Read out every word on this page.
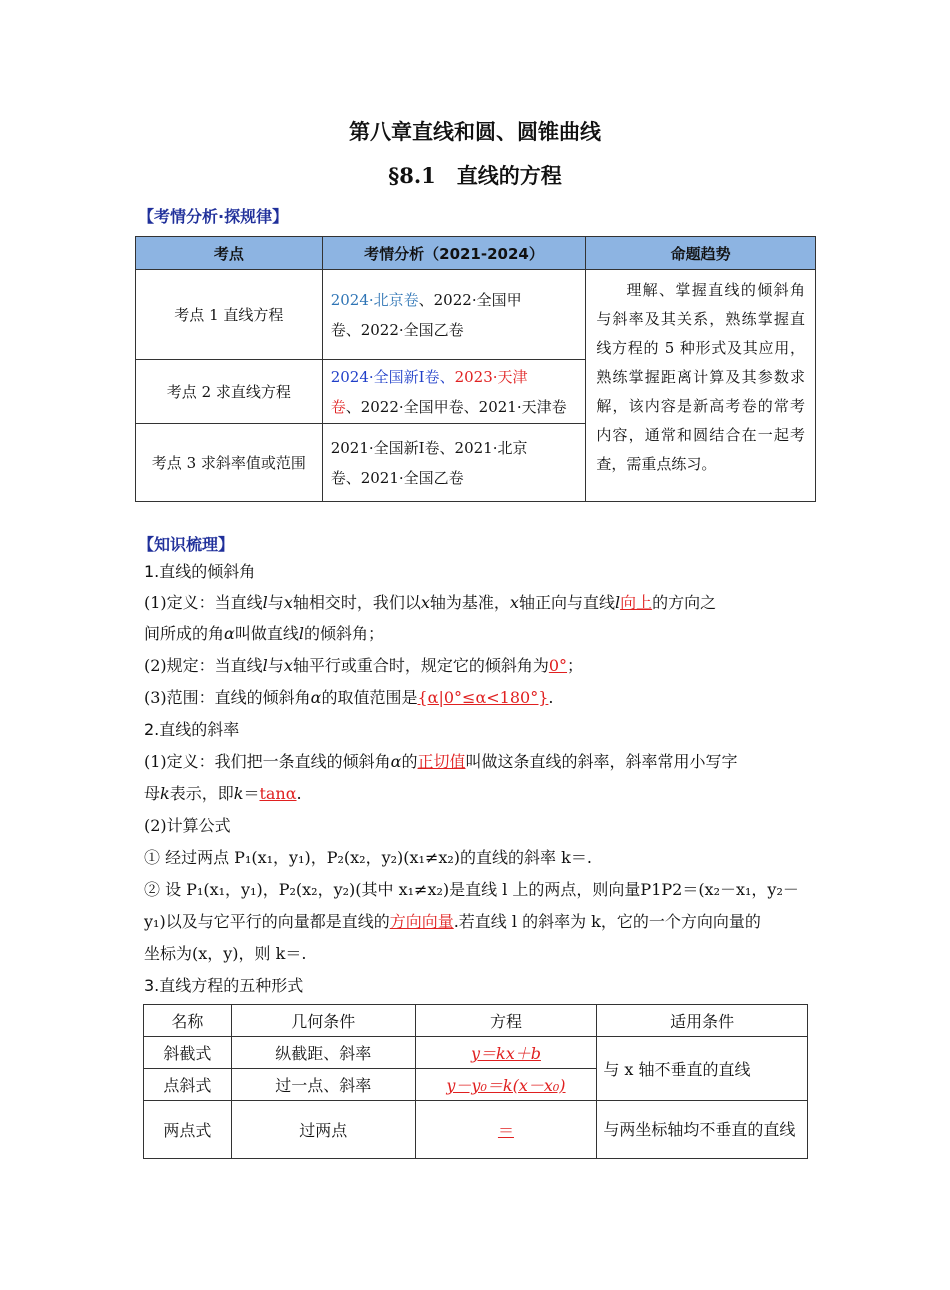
第八章直线和圆、圆锥曲线
§8.1　直线的方程
【考情分析·探规律】
考点	考情分析（2021-2024）	命题趋势
考点 1 直线方程	2024·北京卷、2022·全国甲
卷、2022·全国乙卷	理解、掌握直线的倾斜角与斜率及其关系，熟练掌握直线方程的 5 种形式及其应用，熟练掌握距离计算及其参数求解，该内容是新高考卷的常考内容，通常和圆结合在一起考查，需重点练习。
考点 2 求直线方程	2024·全国新Ⅰ卷、2023·天津
卷、2022·全国甲卷、2021·天津卷	
考点 3 求斜率值或范围	2021·全国新Ⅰ卷、2021·北京
卷、2021·全国乙卷	
【知识梳理】
1.直线的倾斜角
(1)定义：当直线l与x轴相交时，我们以x轴为基准，x轴正向与直线l向上的方向之
间所成的角α叫做直线l的倾斜角；
(2)规定：当直线l与x轴平行或重合时，规定它的倾斜角为0°；
(3)范围：直线的倾斜角α的取值范围是{α|0°≤α<180°}.
2.直线的斜率
(1)定义：我们把一条直线的倾斜角α的正切值叫做这条直线的斜率，斜率常用小写字
母k表示，即k＝tanα.
(2)计算公式
① 经过两点 P₁(x₁，y₁)，P₂(x₂，y₂)(x₁≠x₂)的直线的斜率 k＝.
② 设 P₁(x₁，y₁)，P₂(x₂，y₂)(其中 x₁≠x₂)是直线 l 上的两点，则向量P1P2＝(x₂－x₁，y₂－
y₁)以及与它平行的向量都是直线的方向向量.若直线 l 的斜率为 k，它的一个方向向量的
坐标为(x，y)，则 k＝.
3.直线方程的五种形式
名称	几何条件	方程	适用条件
斜截式	纵截距、斜率	y＝kx＋b	与 x 轴不垂直的直线
点斜式	过一点、斜率	y－y₀＝k(x－x₀)	
两点式	过两点	＝	与两坐标轴均不垂直的直线
